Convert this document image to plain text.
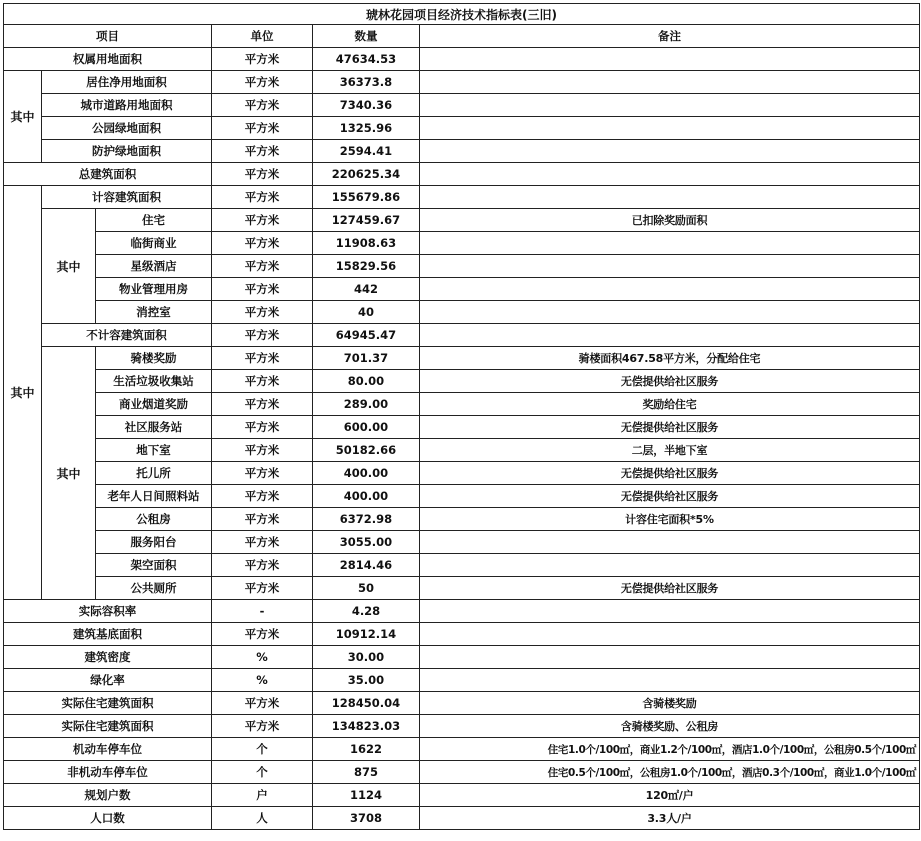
琥林花园项目经济技术指标表(三旧)					
项目			单位	数量	备注
权属用地面积			平方米	47634.53	
其中	居住净用地面积		平方米	36373.8	
	城市道路用地面积		平方米	7340.36	
	公园绿地面积		平方米	1325.96	
	防护绿地面积		平方米	2594.41	
总建筑面积			平方米	220625.34	
其中	计容建筑面积		平方米	155679.86	
	其中	住宅	平方米	127459.67	已扣除奖励面积
		临街商业	平方米	11908.63	
		星级酒店	平方米	15829.56	
		物业管理用房	平方米	442	
		消控室	平方米	40	
	不计容建筑面积		平方米	64945.47	
	其中	骑楼奖励	平方米	701.37	骑楼面积467.58平方米，分配给住宅
		生活垃圾收集站	平方米	80.00	无偿提供给社区服务
		商业烟道奖励	平方米	289.00	奖励给住宅
		社区服务站	平方米	600.00	无偿提供给社区服务
		地下室	平方米	50182.66	二层，半地下室
		托儿所	平方米	400.00	无偿提供给社区服务
		老年人日间照料站	平方米	400.00	无偿提供给社区服务
		公租房	平方米	6372.98	计容住宅面积*5%
		服务阳台	平方米	3055.00	
		架空面积	平方米	2814.46	
		公共厕所	平方米	50	无偿提供给社区服务
实际容积率			-	4.28	
建筑基底面积			平方米	10912.14	
建筑密度			%	30.00	
绿化率			%	35.00	
实际住宅建筑面积			平方米	128450.04	含骑楼奖励
实际住宅建筑面积			平方米	134823.03	含骑楼奖励、公租房
机动车停车位			个	1622	住宅1.0个/100㎡，商业1.2个/100㎡，酒店1.0个/100㎡，公租房0.5个/100㎡
非机动车停车位			个	875	住宅0.5个/100㎡，公租房1.0个/100㎡，酒店0.3个/100㎡，商业1.0个/100㎡
规划户数			户	1124	120㎡/户
人口数			人	3708	3.3人/户
